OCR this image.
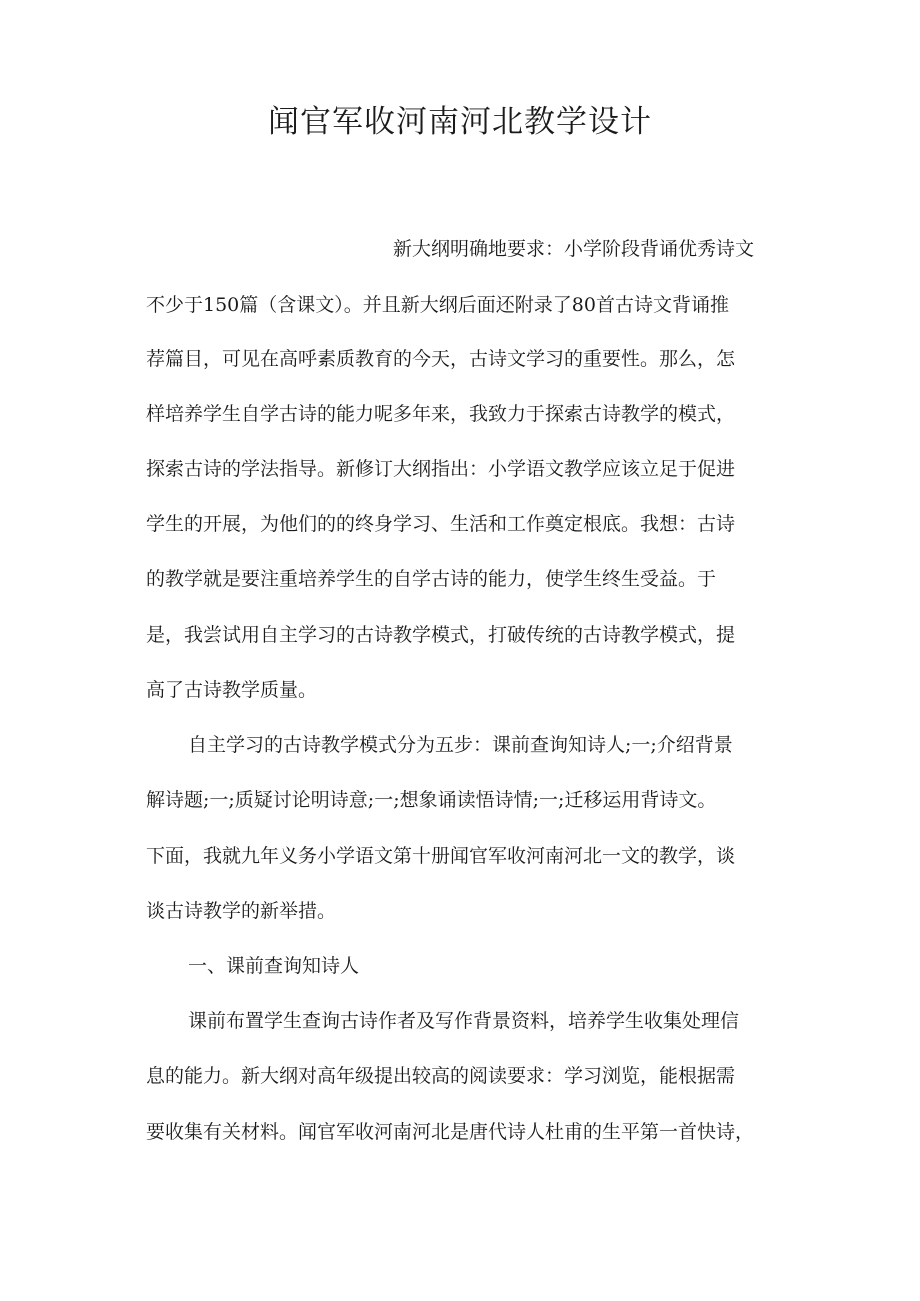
闻官军收河南河北教学设计

新大纲明确地要求：小学阶段背诵优秀诗文

不少于150篇（含课文）。并且新大纲后面还附录了80首古诗文背诵推

荐篇目，可见在高呼素质教育的今天，古诗文学习的重要性。那么，怎

样培养学生自学古诗的能力呢多年来，我致力于探索古诗教学的模式，

探索古诗的学法指导。新修订大纲指出：小学语文教学应该立足于促进

学生的开展，为他们的的终身学习、生活和工作奠定根底。我想：古诗

的教学就是要注重培养学生的自学古诗的能力，使学生终生受益。于

是，我尝试用自主学习的古诗教学模式，打破传统的古诗教学模式，提

高了古诗教学质量。

自主学习的古诗教学模式分为五步：课前查询知诗人;一;介绍背景

解诗题;一;质疑讨论明诗意;一;想象诵读悟诗情;一;迁移运用背诗文。

下面，我就九年义务小学语文第十册闻官军收河南河北一文的教学，谈

谈古诗教学的新举措。

一、课前查询知诗人

课前布置学生查询古诗作者及写作背景资料，培养学生收集处理信

息的能力。新大纲对高年级提出较高的阅读要求：学习浏览，能根据需

要收集有关材料。闻官军收河南河北是唐代诗人杜甫的生平第一首快诗，
